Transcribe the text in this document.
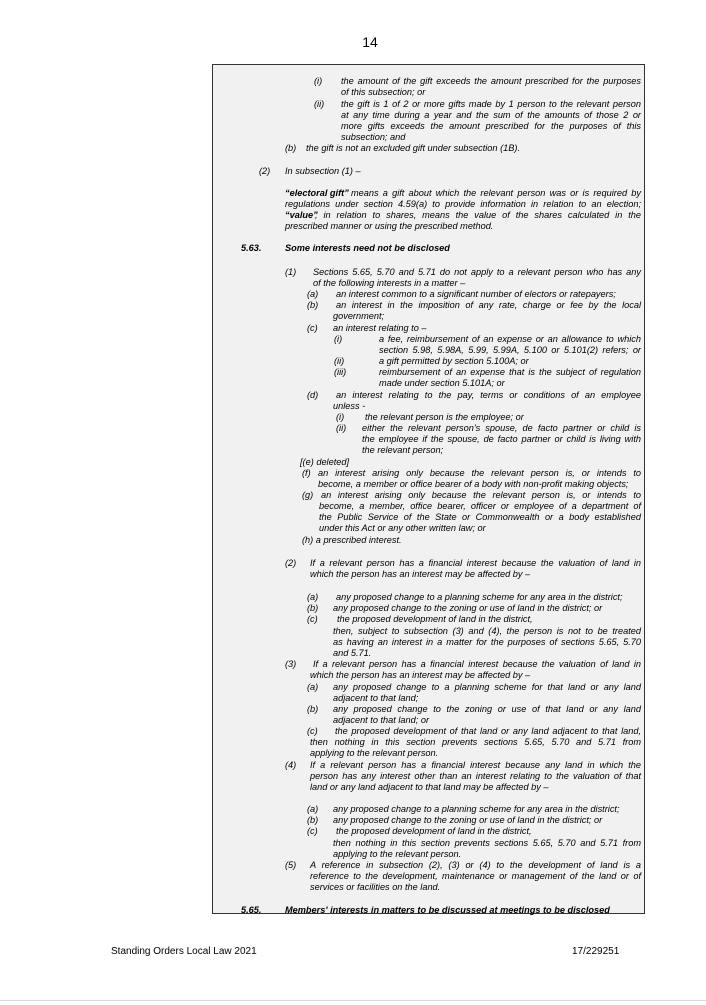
14
(i) the amount of the gift exceeds the amount prescribed for the purposes
of this subsection; or
(ii) the gift is 1 of 2 or more gifts made by 1 person to the relevant person
at any time during a year and the sum of the amounts of those 2 or
more gifts exceeds the amount prescribed for the purposes of this
subsection; and
(b) the gift is not an excluded gift under subsection (1B).
(2) In subsection (1) –
“electoral gift” means a gift about which the relevant person was or is required by
regulations under section 4.59(a) to provide information in relation to an election;
“value”
, in relation to shares, means the value of the shares calculated in the
prescribed manner or using the prescribed method.
5.63.	Some interests need not be disclosed
(1) Sections 5.65, 5.70 and 5.71 do not apply to a relevant person who has any
of the following interests in a matter –
(a) an interest common to a significant number of electors or ratepayers;
(b) an interest in the imposition of any rate, charge or fee by the local
government;
(c) an interest relating to –
(i)	a fee, reimbursement of an expense or an allowance to which
section 5.98, 5.98A, 5.99, 5.99A, 5.100 or 5.101(2) refers; or
(ii)	a gift permitted by section 5.100A; or
(iii)	reimbursement of an expense that is the subject of regulation
made under section 5.101A; or
(d) an interest relating to the pay, terms or conditions of an employee
unless -
(i) the relevant person is the employee; or
(ii) either the relevant person's spouse, de facto partner or child is
the employee if the spouse, de facto partner or child is living with
the relevant person;
[(e) deleted]
(f) an interest arising only because the relevant person is, or intends to
become, a member or office bearer of a body with non-profit making objects;
(g) an interest arising only because the relevant person is, or intends to
become, a member, office bearer, officer or employee of a department of
the Public Service of the State or Commonwealth or a body established
under this Act or any other written law; or
(h) a prescribed interest.
(2) If a relevant person has a financial interest because the valuation of land in
which the person has an interest may be affected by –
(a) any proposed change to a planning scheme for any area in the district;
(b) any proposed change to the zoning or use of land in the district; or
(c) the proposed development of land in the district,
then, subject to subsection (3) and (4), the person is not to be treated
as having an interest in a matter for the purposes of sections 5.65, 5.70
and 5.71.
(3) If a relevant person has a financial interest because the valuation of land in
which the person has an interest may be affected by –
(a) any proposed change to a planning scheme for that land or any land
adjacent to that land;
(b) any proposed change to the zoning or use of that land or any land
adjacent to that land; or
(c) the proposed development of that land or any land adjacent to that land,
then nothing in this section prevents sections 5.65, 5.70 and 5.71 from
applying to the relevant person.
(4) If a relevant person has a financial interest because any land in which the
person has any interest other than an interest relating to the valuation of that
land or any land adjacent to that land may be affected by –
(a) any proposed change to a planning scheme for any area in the district;
(b) any proposed change to the zoning or use of land in the district; or
(c) the proposed development of land in the district,
then nothing in this section prevents sections 5.65, 5.70 and 5.71 from
applying to the relevant person.
(5) A reference in subsection (2), (3) or (4) to the development of land is a
reference to the development, maintenance or management of the land or of
services or facilities on the land.
5.65.	Members' interests in matters to be discussed at meetings to be disclosed
Standing Orders Local Law 2021	17/229251
